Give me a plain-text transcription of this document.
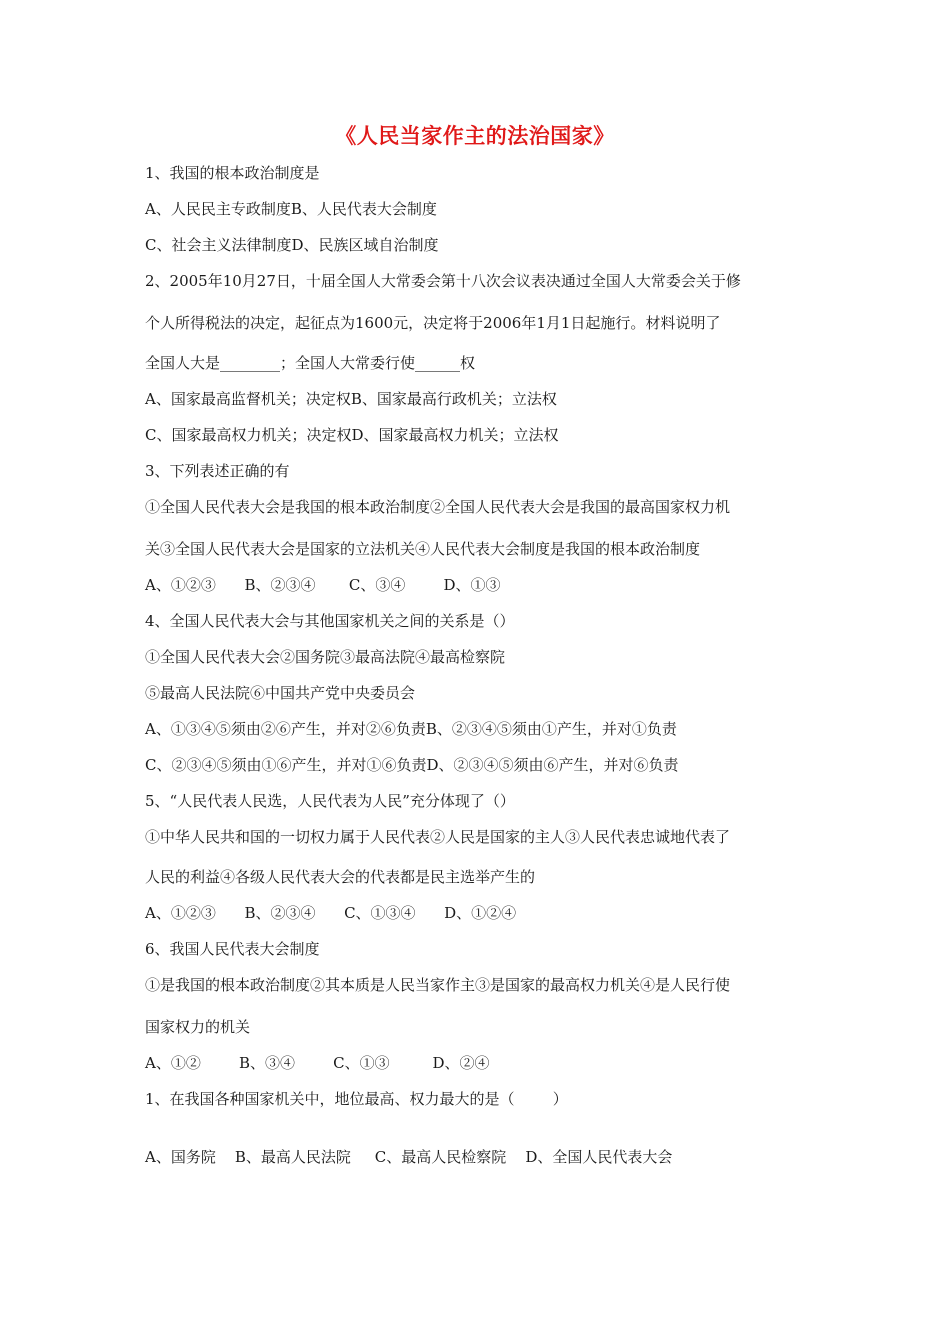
《人民当家作主的法治国家》
1、我国的根本政治制度是
A、人民民主专政制度B、人民代表大会制度
C、社会主义法律制度D、民族区域自治制度
2、2005年10月27日，十届全国人大常委会第十八次会议表决通过全国人大常委会关于修
个人所得税法的决定，起征点为1600元，决定将于2006年1月1日起施行。材料说明了
全国人大是________；全国人大常委行使______权
A、国家最高监督机关；决定权B、国家最高行政机关；立法权
C、国家最高权力机关；决定权D、国家最高权力机关；立法权
3、下列表述正确的有
①全国人民代表大会是我国的根本政治制度②全国人民代表大会是我国的最高国家权力机
关③全国人民代表大会是国家的立法机关④人民代表大会制度是我国的根本政治制度
A、①②③      B、②③④       C、③④        D、①③
4、全国人民代表大会与其他国家机关之间的关系是（）
①全国人民代表大会②国务院③最高法院④最高检察院
⑤最高人民法院⑥中国共产党中央委员会
A、①③④⑤须由②⑥产生，并对②⑥负责B、②③④⑤须由①产生，并对①负责
C、②③④⑤须由①⑥产生，并对①⑥负责D、②③④⑤须由⑥产生，并对⑥负责
5、“人民代表人民选，人民代表为人民”充分体现了（）
①中华人民共和国的一切权力属于人民代表②人民是国家的主人③人民代表忠诚地代表了
人民的利益④各级人民代表大会的代表都是民主选举产生的
A、①②③      B、②③④      C、①③④      D、①②④
6、我国人民代表大会制度
①是我国的根本政治制度②其本质是人民当家作主③是国家的最高权力机关④是人民行使
国家权力的机关
A、①②        B、③④        C、①③         D、②④
1、在我国各种国家机关中，地位最高、权力最大的是（        ）
A、国务院    B、最高人民法院     C、最高人民检察院    D、全国人民代表大会
